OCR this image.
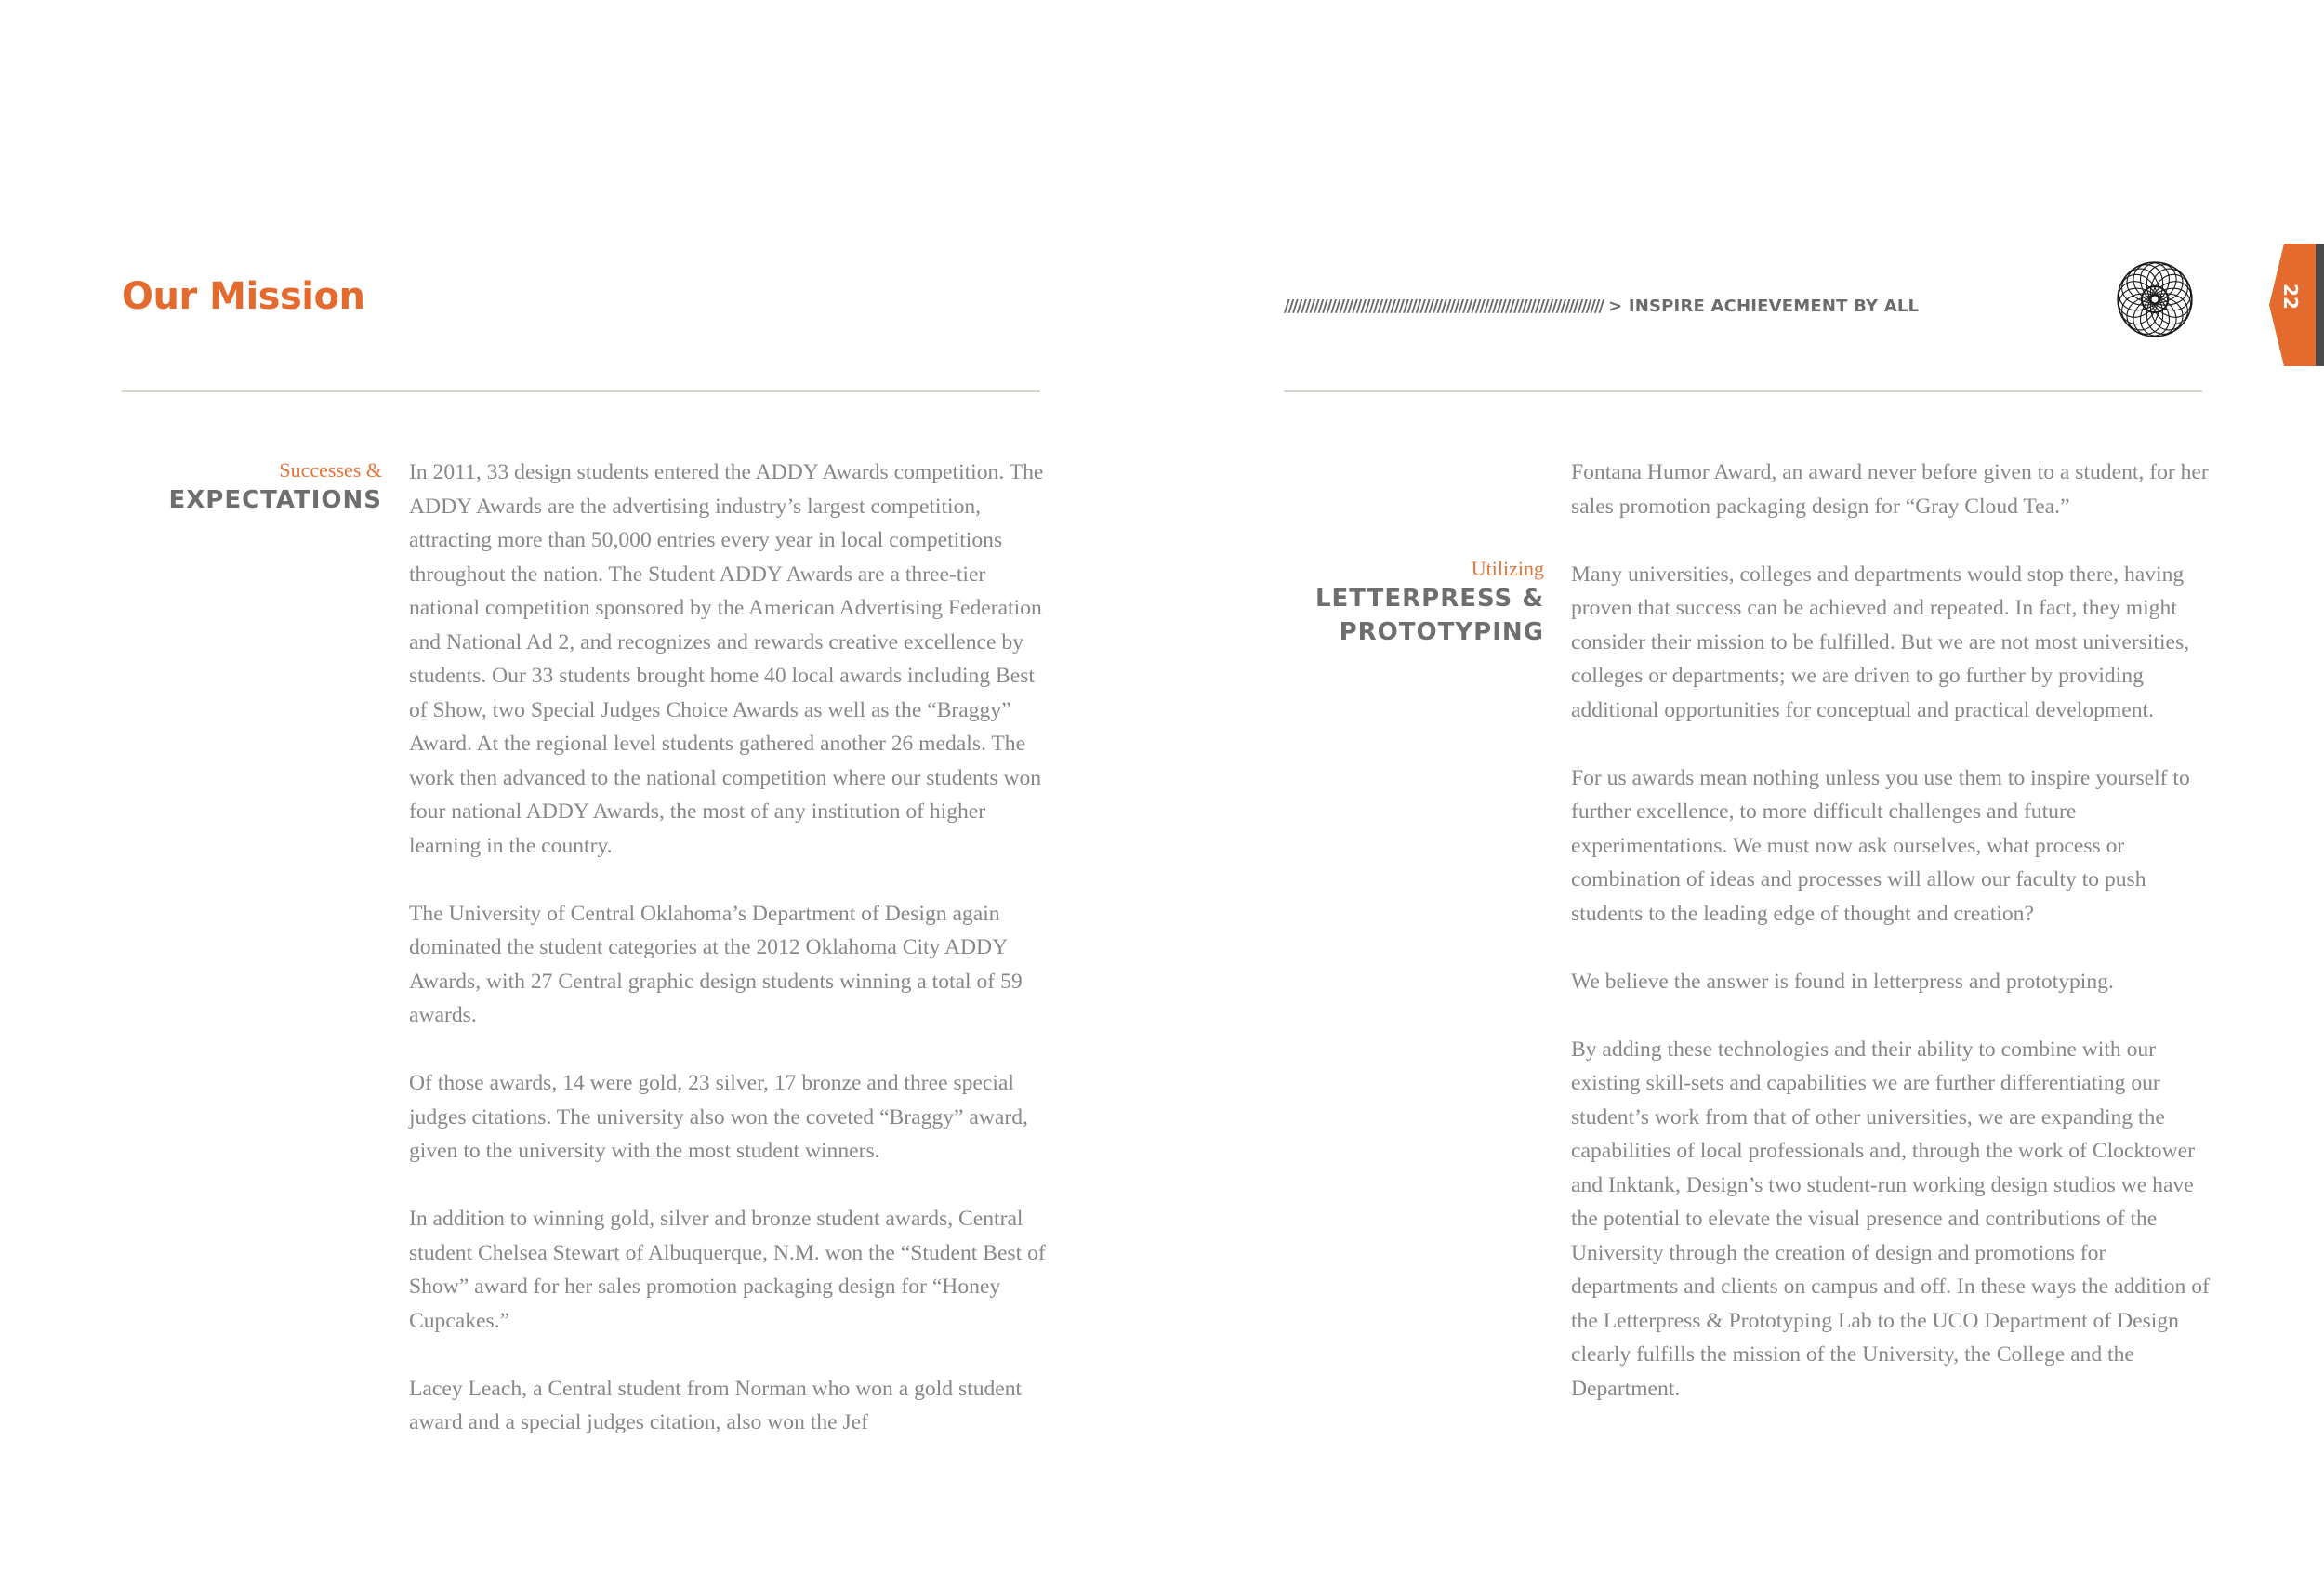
Our Mission	/////////////////////////////////////////////////////////////////////////// > INSPIRE ACHIEVEMENT BY ALL	22
Successes &
EXPECTATIONS
Utilizing
LETTERPRESS &
PROTOTYPING

In 2011, 33 design students entered the ADDY Awards competition. The ADDY Awards are the advertising industry’s largest competition, attracting more than 50,000 entries every year in local competitions throughout the nation. The Student ADDY Awards are a three-tier national competition sponsored by the American Advertising Federation and National Ad 2, and recognizes and rewards creative excellence by students. Our 33 students brought home 40 local awards including Best of Show, two Special Judges Choice Awards as well as the “Braggy” Award. At the regional level students gathered another 26 medals. The work then advanced to the national competition where our students won four national ADDY Awards, the most of any institution of higher learning in the country.

The University of Central Oklahoma’s Department of Design again dominated the student categories at the 2012 Oklahoma City ADDY Awards, with 27 Central graphic design students winning a total of 59 awards.

Of those awards, 14 were gold, 23 silver, 17 bronze and three special judges citations. The university also won the coveted “Braggy” award, given to the university with the most student winners.

In addition to winning gold, silver and bronze student awards, Central student Chelsea Stewart of Albuquerque, N.M. won the “Student Best of Show” award for her sales promotion packaging design for “Honey Cupcakes.”

Lacey Leach, a Central student from Norman who won a gold student award and a special judges citation, also won the Jef

Fontana Humor Award, an award never before given to a student, for her sales promotion packaging design for “Gray Cloud Tea.”

Many universities, colleges and departments would stop there, having proven that success can be achieved and repeated. In fact, they might consider their mission to be fulfilled. But we are not most universities, colleges or departments; we are driven to go further by providing additional opportunities for conceptual and practical development.

For us awards mean nothing unless you use them to inspire yourself to further excellence, to more difficult challenges and future experimentations. We must now ask ourselves, what process or combination of ideas and processes will allow our faculty to push students to the leading edge of thought and creation?

We believe the answer is found in letterpress and prototyping.

By adding these technologies and their ability to combine with our existing skill-sets and capabilities we are further differentiating our student’s work from that of other universities, we are expanding the capabilities of local professionals and, through the work of Clocktower and Inktank, Design’s two student-run working design studios we have the potential to elevate the visual presence and contributions of the University through the creation of design and promotions for departments and clients on campus and off. In these ways the addition of the Letterpress & Prototyping Lab to the UCO Department of Design clearly fulfills the mission of the University, the College and the Department.
